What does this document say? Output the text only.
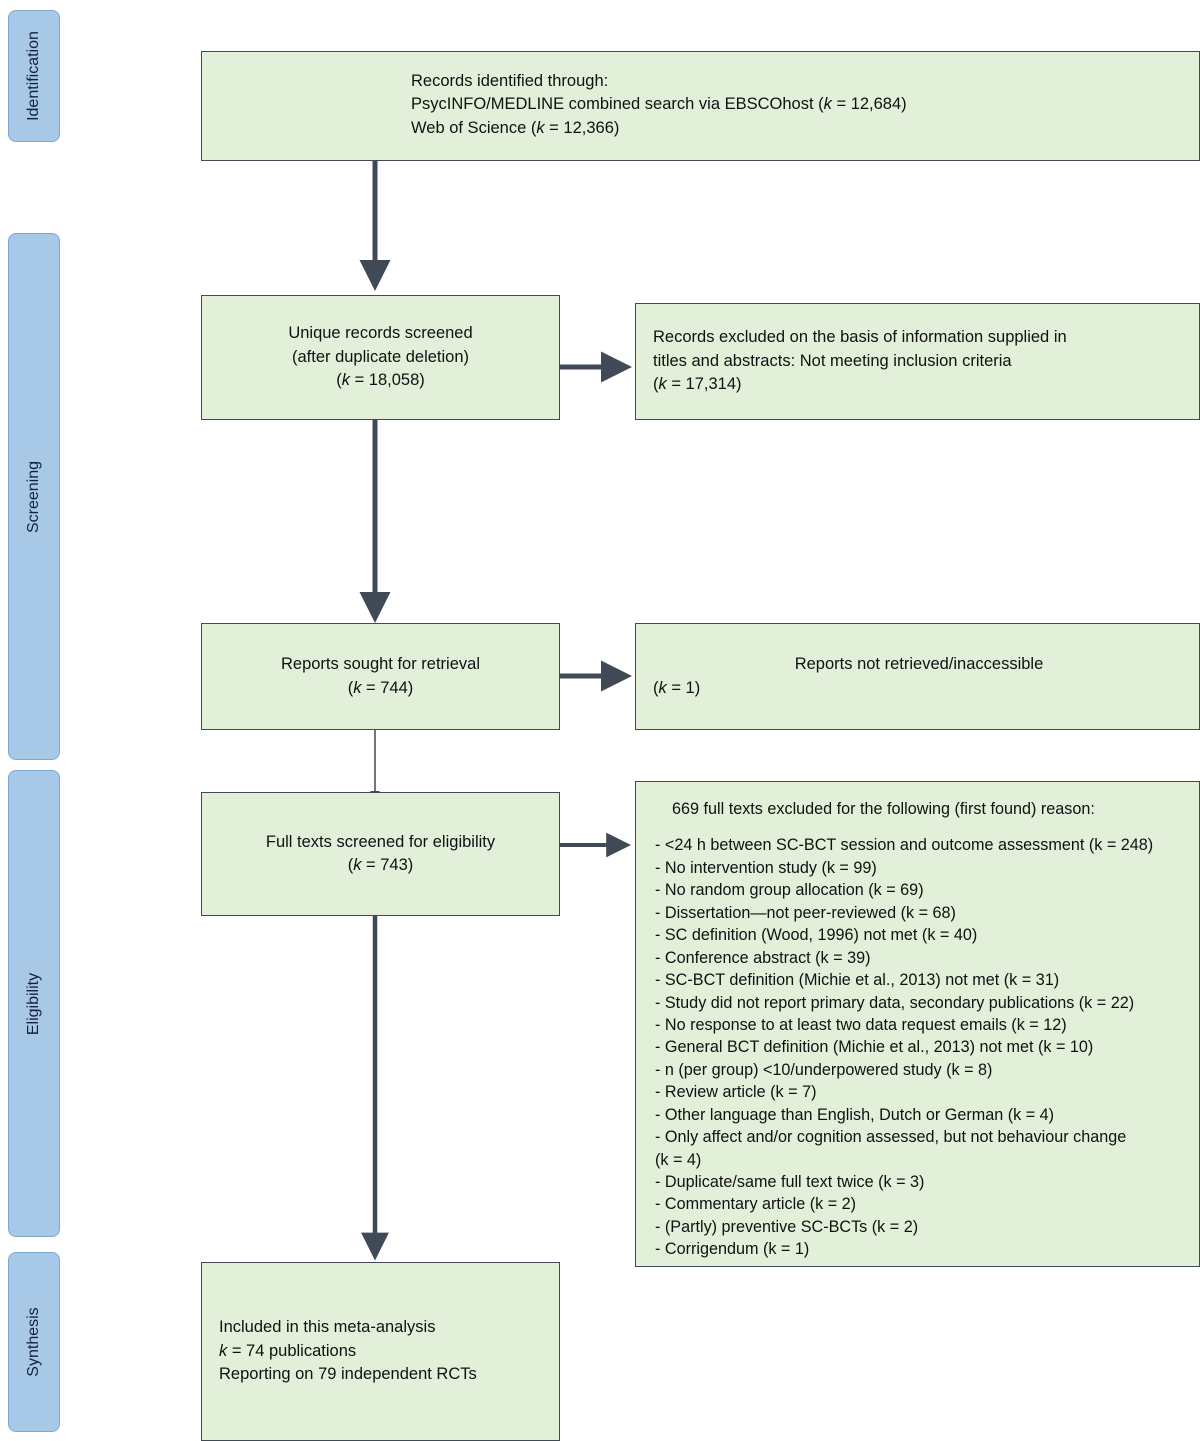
Identification
Screening
Eligibility
Synthesis
Records identified through:
PsycINFO/MEDLINE combined search via EBSCOhost (k = 12,684)
Web of Science (k = 12,366)
Unique records screened
(after duplicate deletion)
(k = 18,058)
Records excluded on the basis of information supplied in
titles and abstracts: Not meeting inclusion criteria
(k = 17,314)
Reports sought for retrieval
(k = 744)
Reports not retrieved/inaccessible
(k = 1)
Full texts screened for eligibility
(k = 743)
669 full texts excluded for the following (first found) reason:
- <24 h between SC-BCT session and outcome assessment (k = 248)
- No intervention study (k = 99)
- No random group allocation (k = 69)
- Dissertation—not peer-reviewed (k = 68)
- SC definition (Wood, 1996) not met (k = 40)
- Conference abstract (k = 39)
- SC-BCT definition (Michie et al., 2013) not met (k = 31)
- Study did not report primary data, secondary publications (k = 22)
- No response to at least two data request emails (k = 12)
- General BCT definition (Michie et al., 2013) not met (k = 10)
- n (per group) <10/underpowered study (k = 8)
- Review article (k = 7)
- Other language than English, Dutch or German (k = 4)
- Only affect and/or cognition assessed, but not behaviour change
(k = 4)
- Duplicate/same full text twice (k = 3)
- Commentary article (k = 2)
- (Partly) preventive SC-BCTs (k = 2)
- Corrigendum (k = 1)
Included in this meta-analysis
k = 74 publications
Reporting on 79 independent RCTs
